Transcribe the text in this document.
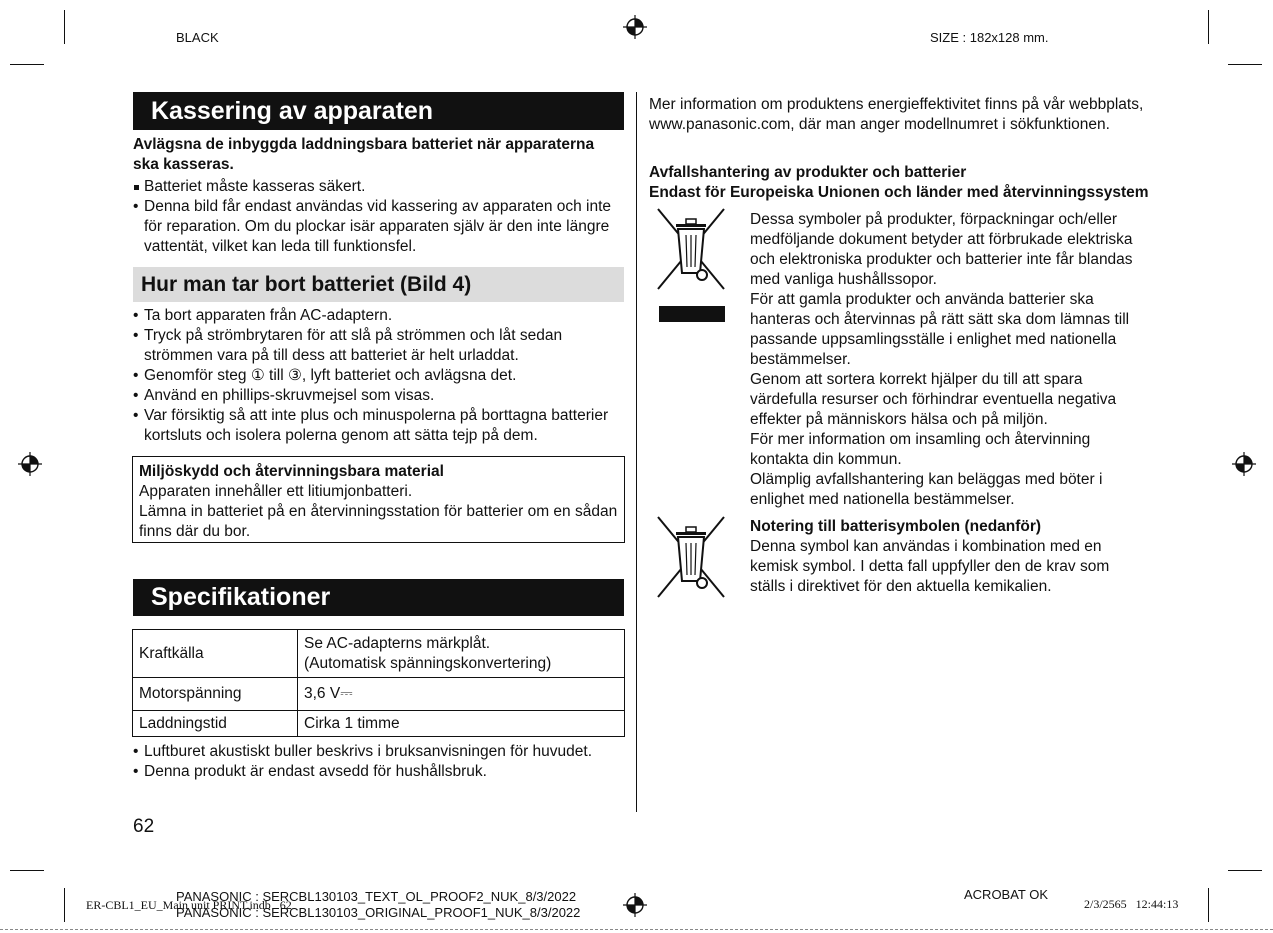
BLACK	SIZE : 182x128 mm.
PANASONIC : SERCBL130103_TEXT_OL_PROOF2_NUK_8/3/2022
PANASONIC : SERCBL130103_ORIGINAL_PROOF1_NUK_8/3/2022
ER-CBL1_EU_Main unit PRINT.indb   62
ACROBAT OK
2/3/2565   12:44:13
Kassering av apparaten
Avlägsna de inbyggda laddningsbara batteriet när apparaterna ska kasseras.
Batteriet måste kasseras säkert.
• Denna bild får endast användas vid kassering av apparaten och inte för reparation. Om du plockar isär apparaten själv är den inte längre vattentät, vilket kan leda till funktionsfel.
Hur man tar bort batteriet (Bild 4)
• Ta bort apparaten från AC-adaptern.
• Tryck på strömbrytaren för att slå på strömmen och låt sedan strömmen vara på till dess att batteriet är helt urladdat.
• Genomför steg ① till ③, lyft batteriet och avlägsna det.
• Använd en phillips-skruvmejsel som visas.
• Var försiktig så att inte plus och minuspolerna på borttagna batterier kortsluts och isolera polerna genom att sätta tejp på dem.
Miljöskydd och återvinningsbara material
Apparaten innehåller ett litiumjonbatteri.
Lämna in batteriet på en återvinningsstation för batterier om en sådan finns där du bor.
Specifikationer
Kraftkälla	Se AC-adapterns märkplåt.
(Automatisk spänningskonvertering)

Motorspänning	3,6 V⎓
Laddningstid	Cirka 1 timme
• Luftburet akustiskt buller beskrivs i bruksanvisningen för huvudet.
• Denna produkt är endast avsedd för hushållsbruk.
62
Mer information om produktens energieffektivitet finns på vår webbplats, www.panasonic.com, där man anger modellnumret i sökfunktionen.
Avfallshantering av produkter och batterier
Endast för Europeiska Unionen och länder med återvinningssystem
Dessa symboler på produkter, förpackningar och/eller medföljande dokument betyder att förbrukade elektriska och elektroniska produkter och batterier inte får blandas med vanliga hushållssopor.
För att gamla produkter och använda batterier ska hanteras och återvinnas på rätt sätt ska dom lämnas till passande uppsamlingsställe i enlighet med nationella bestämmelser.
Genom att sortera korrekt hjälper du till att spara värdefulla resurser och förhindrar eventuella negativa effekter på människors hälsa och på miljön.
För mer information om insamling och återvinning kontakta din kommun.
Olämplig avfallshantering kan beläggas med böter i enlighet med nationella bestämmelser.
Notering till batterisymbolen (nedanför)
Denna symbol kan användas i kombination med en kemisk symbol. I detta fall uppfyller den de krav som ställs i direktivet för den aktuella kemikalien.
